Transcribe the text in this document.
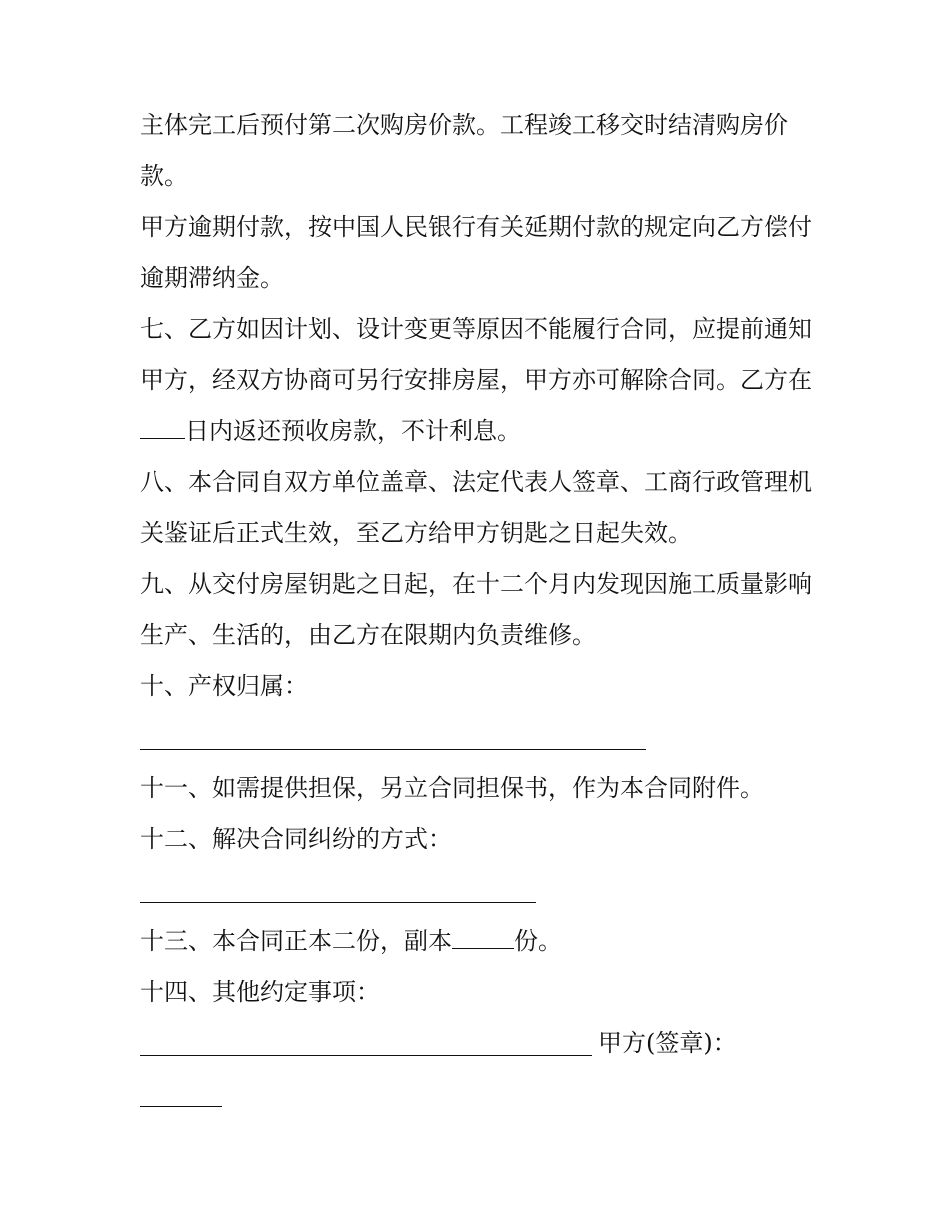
主体完工后预付第二次购房价款。工程竣工移交时结清购房价款。

甲方逾期付款，按中国人民银行有关延期付款的规定向乙方偿付逾期滞纳金。

七、乙方如因计划、设计变更等原因不能履行合同，应提前通知甲方，经双方协商可另行安排房屋，甲方亦可解除合同。乙方在日内返还预收房款，不计利息。

八、本合同自双方单位盖章、法定代表人签章、工商行政管理机关鉴证后正式生效，至乙方给甲方钥匙之日起失效。

九、从交付房屋钥匙之日起，在十二个月内发现因施工质量影响生产、生活的，由乙方在限期内负责维修。

十、产权归属：

十一、如需提供担保，另立合同担保书，作为本合同附件。

十二、解决合同纠纷的方式：

十三、本合同正本二份，副本	份。

十四、其他约定事项：

甲方(签章)：
